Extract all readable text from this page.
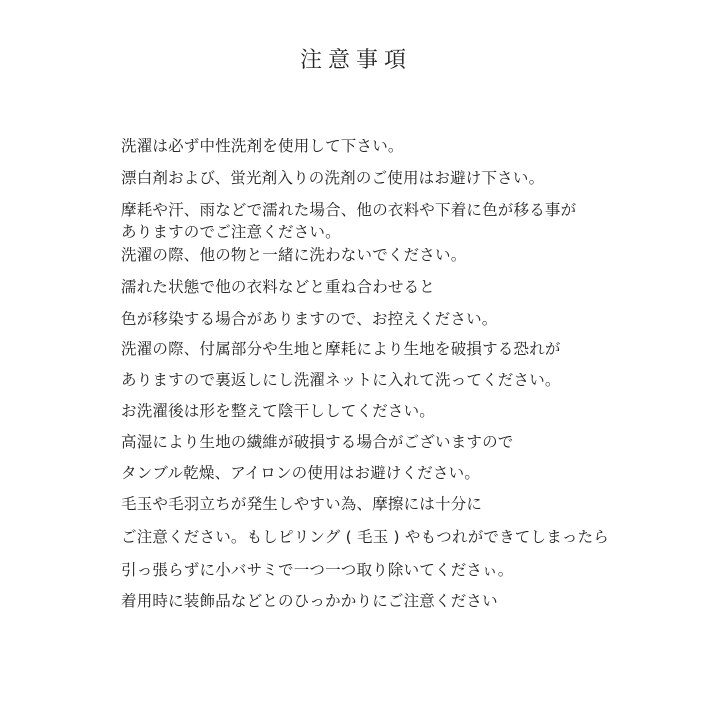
注意事項
洗濯は必ず中性洗剤を使用して下さい。
漂白剤および、蛍光剤入りの洗剤のご使用はお避け下さい。
摩耗や汗、雨などで濡れた場合、他の衣料や下着に色が移る事が
ありますのでご注意ください。
洗濯の際、他の物と一緒に洗わないでください。
濡れた状態で他の衣料などと重ね合わせると
色が移染する場合がありますので、お控えください。
洗濯の際、付属部分や生地と摩耗により生地を破損する恐れが
ありますので裏返しにし洗濯ネットに入れて洗ってください。
お洗濯後は形を整えて陰干ししてください。
高湿により生地の繊維が破損する場合がございますので
タンブル乾燥、アイロンの使用はお避けください。
毛玉や毛羽立ちが発生しやすい為、摩擦には十分に
ご注意ください。もしピリング ( 毛玉 ) やもつれができてしまったら
引っ張らずに小バサミで一つ一つ取り除いてくださぃ。
着用時に装飾品などとのひっかかりにご注意ください
